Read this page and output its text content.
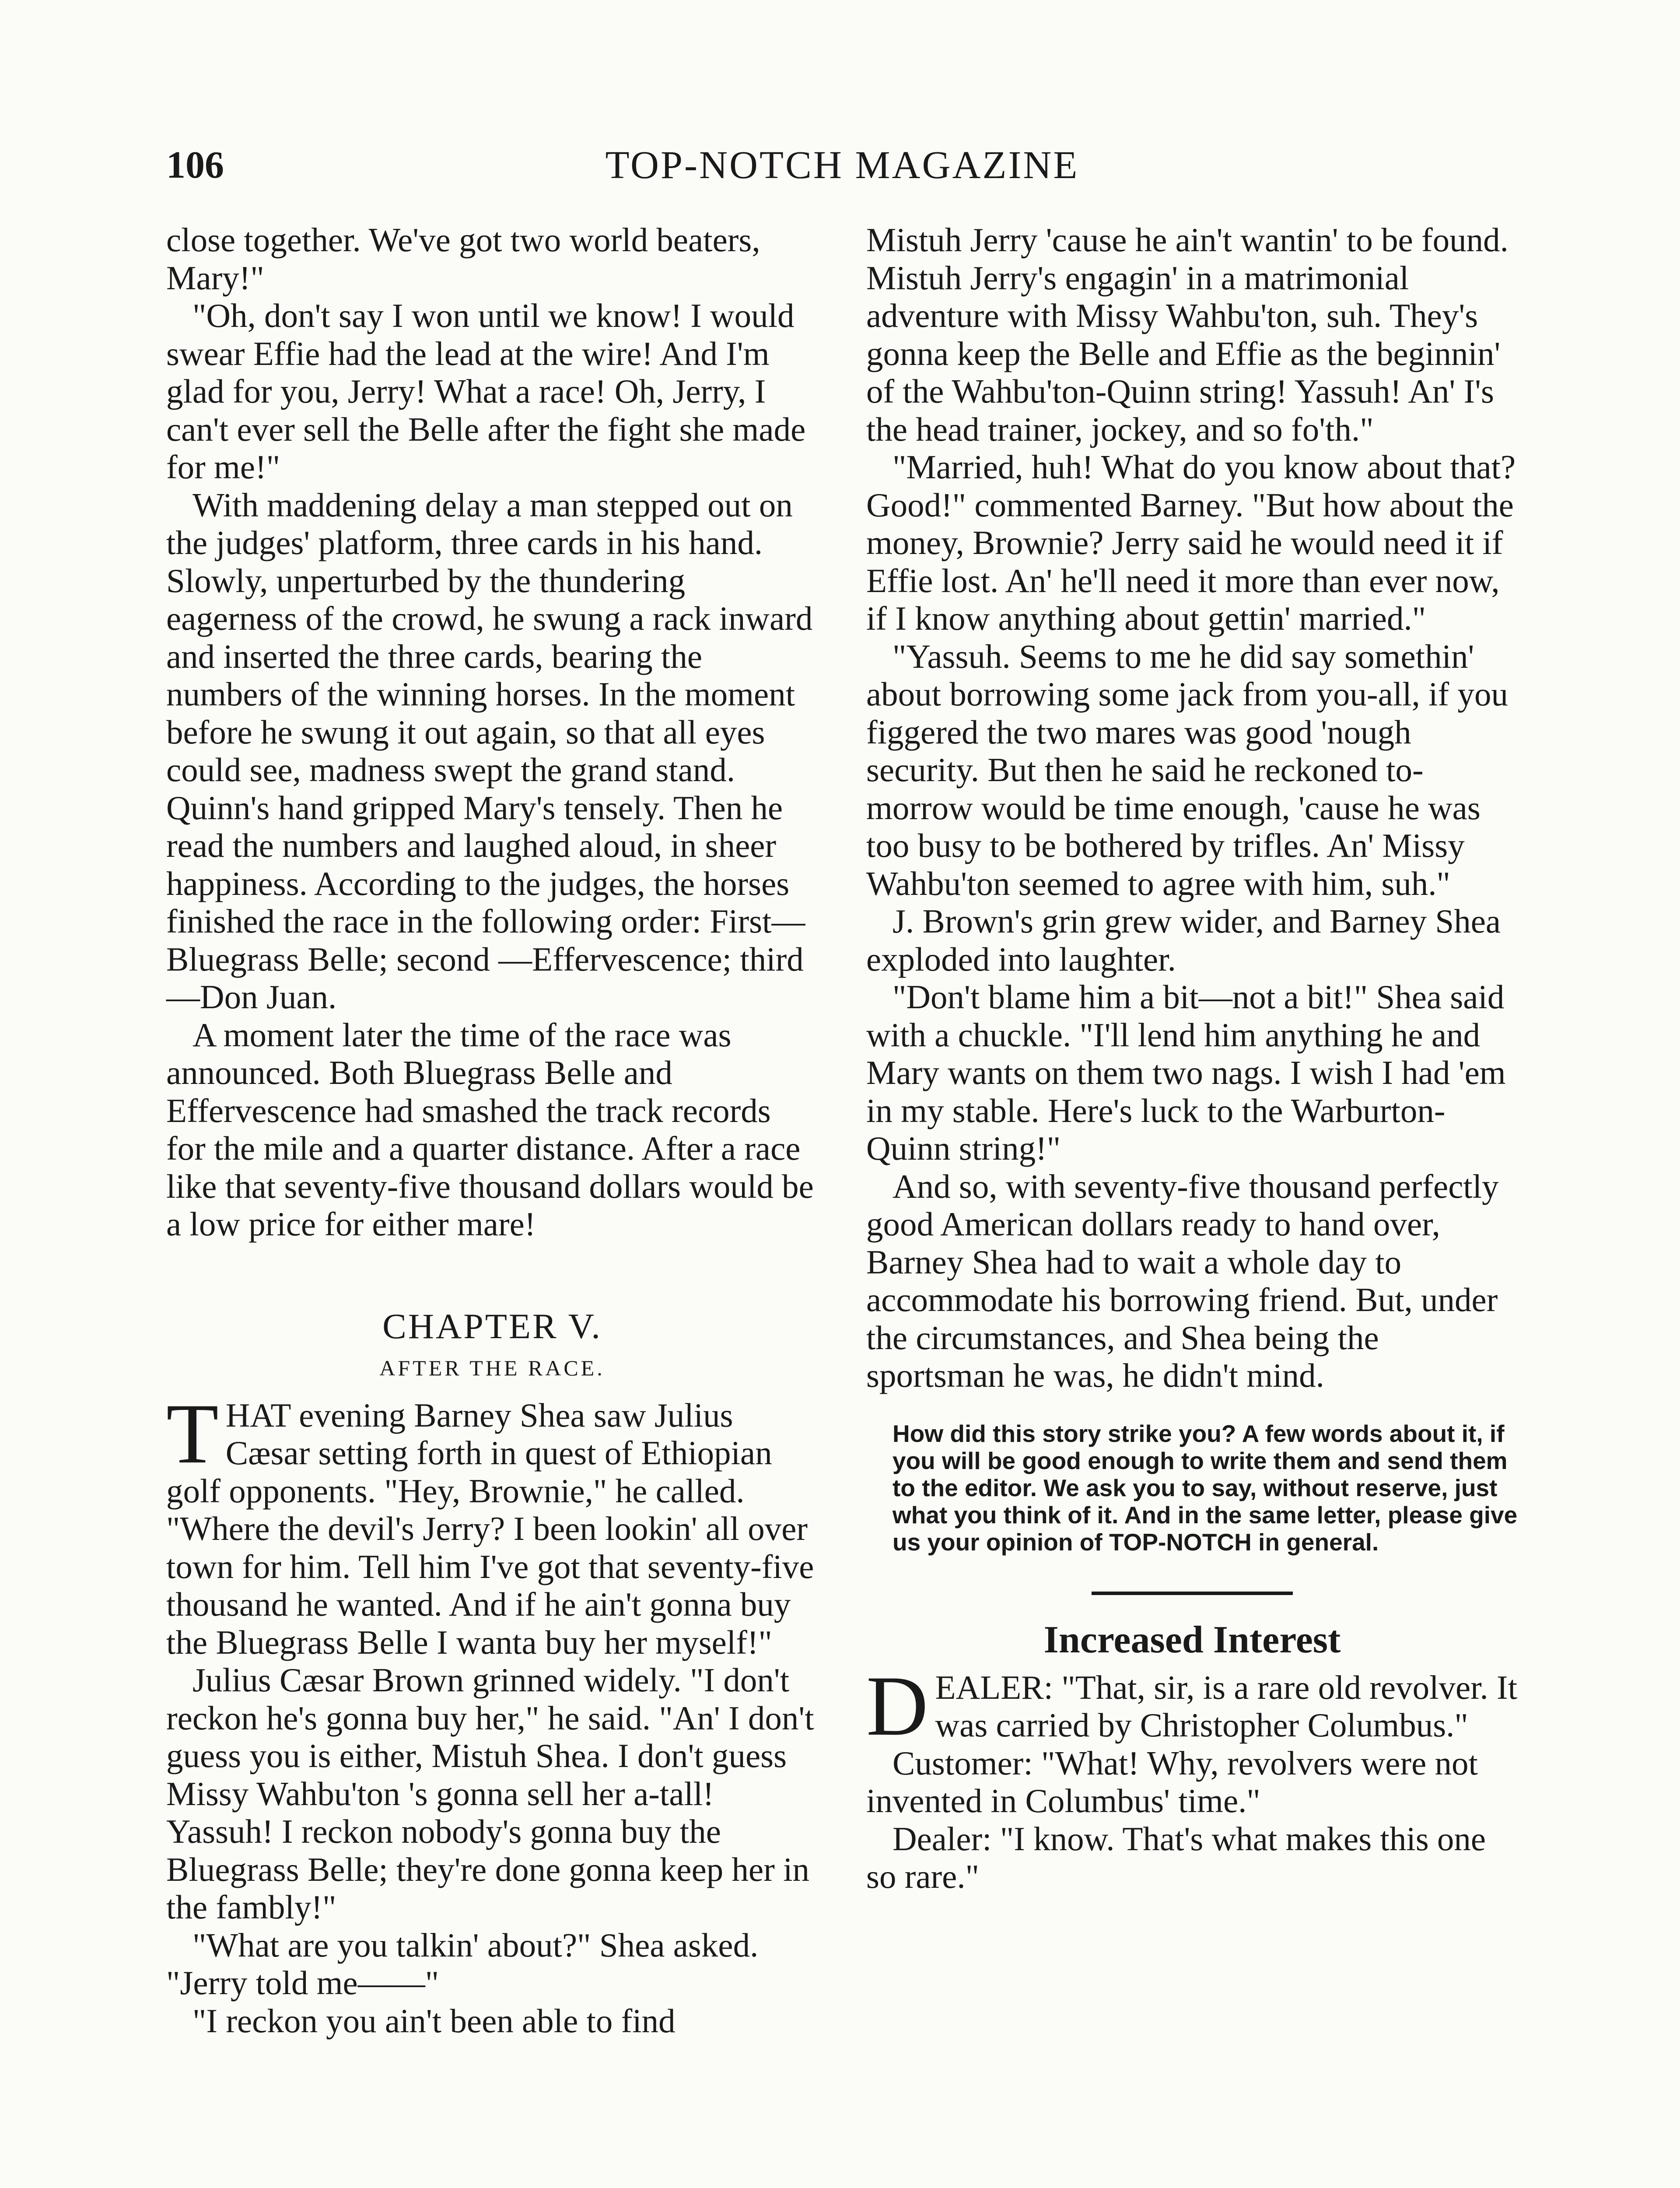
106	TOP-NOTCH MAGAZINE

close together. We've got two world beaters, Mary!"

"Oh, don't say I won until we know! I would swear Effie had the lead at the wire! And I'm glad for you, Jerry! What a race! Oh, Jerry, I can't ever sell the Belle after the fight she made for me!"

With maddening delay a man stepped out on the judges' platform, three cards in his hand. Slowly, unperturbed by the thundering eagerness of the crowd, he swung a rack inward and inserted the three cards, bearing the numbers of the winning horses. In the moment before he swung it out again, so that all eyes could see, madness swept the grand stand. Quinn's hand gripped Mary's tensely. Then he read the numbers and laughed aloud, in sheer happiness. According to the judges, the horses finished the race in the following order: First—Bluegrass Belle; second —Effervescence; third—Don Juan.

A moment later the time of the race was announced. Both Bluegrass Belle and Effervescence had smashed the track records for the mile and a quarter distance. After a race like that seventy-five thousand dollars would be a low price for either mare!

CHAPTER V.
AFTER THE RACE.

THAT evening Barney Shea saw Julius Cæsar setting forth in quest of Ethiopian golf opponents. "Hey, Brownie," he called. "Where the devil's Jerry? I been lookin' all over town for him. Tell him I've got that seventy-five thousand he wanted. And if he ain't gonna buy the Bluegrass Belle I wanta buy her myself!"

Julius Cæsar Brown grinned widely. "I don't reckon he's gonna buy her," he said. "An' I don't guess you is either, Mistuh Shea. I don't guess Missy Wahbu'ton 's gonna sell her a-tall! Yassuh! I reckon nobody's gonna buy the Bluegrass Belle; they're done gonna keep her in the fambly!"

"What are you talkin' about?" Shea asked. "Jerry told me——"

"I reckon you ain't been able to find

Mistuh Jerry 'cause he ain't wantin' to be found. Mistuh Jerry's engagin' in a matrimonial adventure with Missy Wahbu'ton, suh. They's gonna keep the Belle and Effie as the beginnin' of the Wahbu'ton-Quinn string! Yassuh! An' I's the head trainer, jockey, and so fo'th."

"Married, huh! What do you know about that? Good!" commented Barney. "But how about the money, Brownie? Jerry said he would need it if Effie lost. An' he'll need it more than ever now, if I know anything about gettin' married."

"Yassuh. Seems to me he did say somethin' about borrowing some jack from you-all, if you figgered the two mares was good 'nough security. But then he said he reckoned to-morrow would be time enough, 'cause he was too busy to be bothered by trifles. An' Missy Wahbu'ton seemed to agree with him, suh."

J. Brown's grin grew wider, and Barney Shea exploded into laughter.

"Don't blame him a bit—not a bit!" Shea said with a chuckle. "I'll lend him anything he and Mary wants on them two nags. I wish I had 'em in my stable. Here's luck to the Warburton-Quinn string!"

And so, with seventy-five thousand perfectly good American dollars ready to hand over, Barney Shea had to wait a whole day to accommodate his borrowing friend. But, under the circumstances, and Shea being the sportsman he was, he didn't mind.

How did this story strike you? A few words about it, if you will be good enough to write them and send them to the editor. We ask you to say, without reserve, just what you think of it. And in the same letter, please give us your opinion of TOP-NOTCH in general.
Increased Interest

DEALER: "That, sir, is a rare old revolver. It was carried by Christopher Columbus."

Customer: "What! Why, revolvers were not invented in Columbus' time."

Dealer: "I know. That's what makes this one so rare."
